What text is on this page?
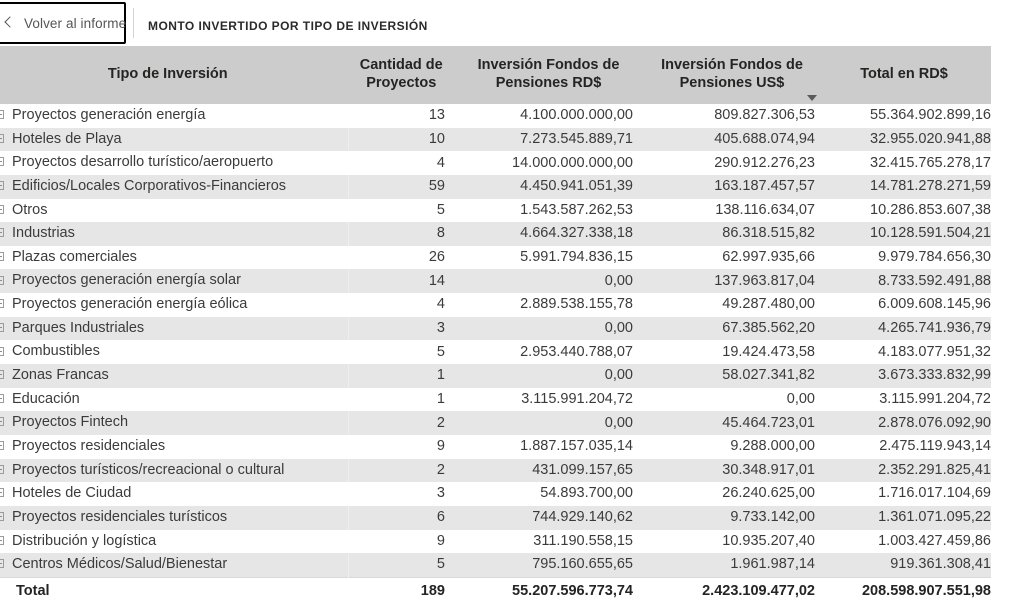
Volver al informe MONTO INVERTIDO POR TIPO DE INVERSIÓN
Tipo de Inversión	Cantidad de Proyectos	Inversión Fondos de Pensiones RD$	Inversión Fondos de Pensiones US$	Total en RD$
Proyectos generación energía	13	4.100.000.000,00	809.827.306,53	55.364.902.899,16
Hoteles de Playa	10	7.273.545.889,71	405.688.074,94	32.955.020.941,88
Proyectos desarrollo turístico/aeropuerto	4	14.000.000.000,00	290.912.276,23	32.415.765.278,17
Edificios/Locales Corporativos-Financieros	59	4.450.941.051,39	163.187.457,57	14.781.278.271,59
Otros	5	1.543.587.262,53	138.116.634,07	10.286.853.607,38
Industrias	8	4.664.327.338,18	86.318.515,82	10.128.591.504,21
Plazas comerciales	26	5.991.794.836,15	62.997.935,66	9.979.784.656,30
Proyectos generación energía solar	14	0,00	137.963.817,04	8.733.592.491,88
Proyectos generación energía eólica	4	2.889.538.155,78	49.287.480,00	6.009.608.145,96
Parques Industriales	3	0,00	67.385.562,20	4.265.741.936,79
Combustibles	5	2.953.440.788,07	19.424.473,58	4.183.077.951,32
Zonas Francas	1	0,00	58.027.341,82	3.673.333.832,99
Educación	1	3.115.991.204,72	0,00	3.115.991.204,72
Proyectos Fintech	2	0,00	45.464.723,01	2.878.076.092,90
Proyectos residenciales	9	1.887.157.035,14	9.288.000,00	2.475.119.943,14
Proyectos turísticos/recreacional o cultural	2	431.099.157,65	30.348.917,01	2.352.291.825,41
Hoteles de Ciudad	3	54.893.700,00	26.240.625,00	1.716.017.104,69
Proyectos residenciales turísticos	6	744.929.140,62	9.733.142,00	1.361.071.095,22
Distribución y logística	9	311.190.558,15	10.935.207,40	1.003.427.459,86
Centros Médicos/Salud/Bienestar	5	795.160.655,65	1.961.987,14	919.361.308,41
Total	189	55.207.596.773,74	2.423.109.477,02	208.598.907.551,98
